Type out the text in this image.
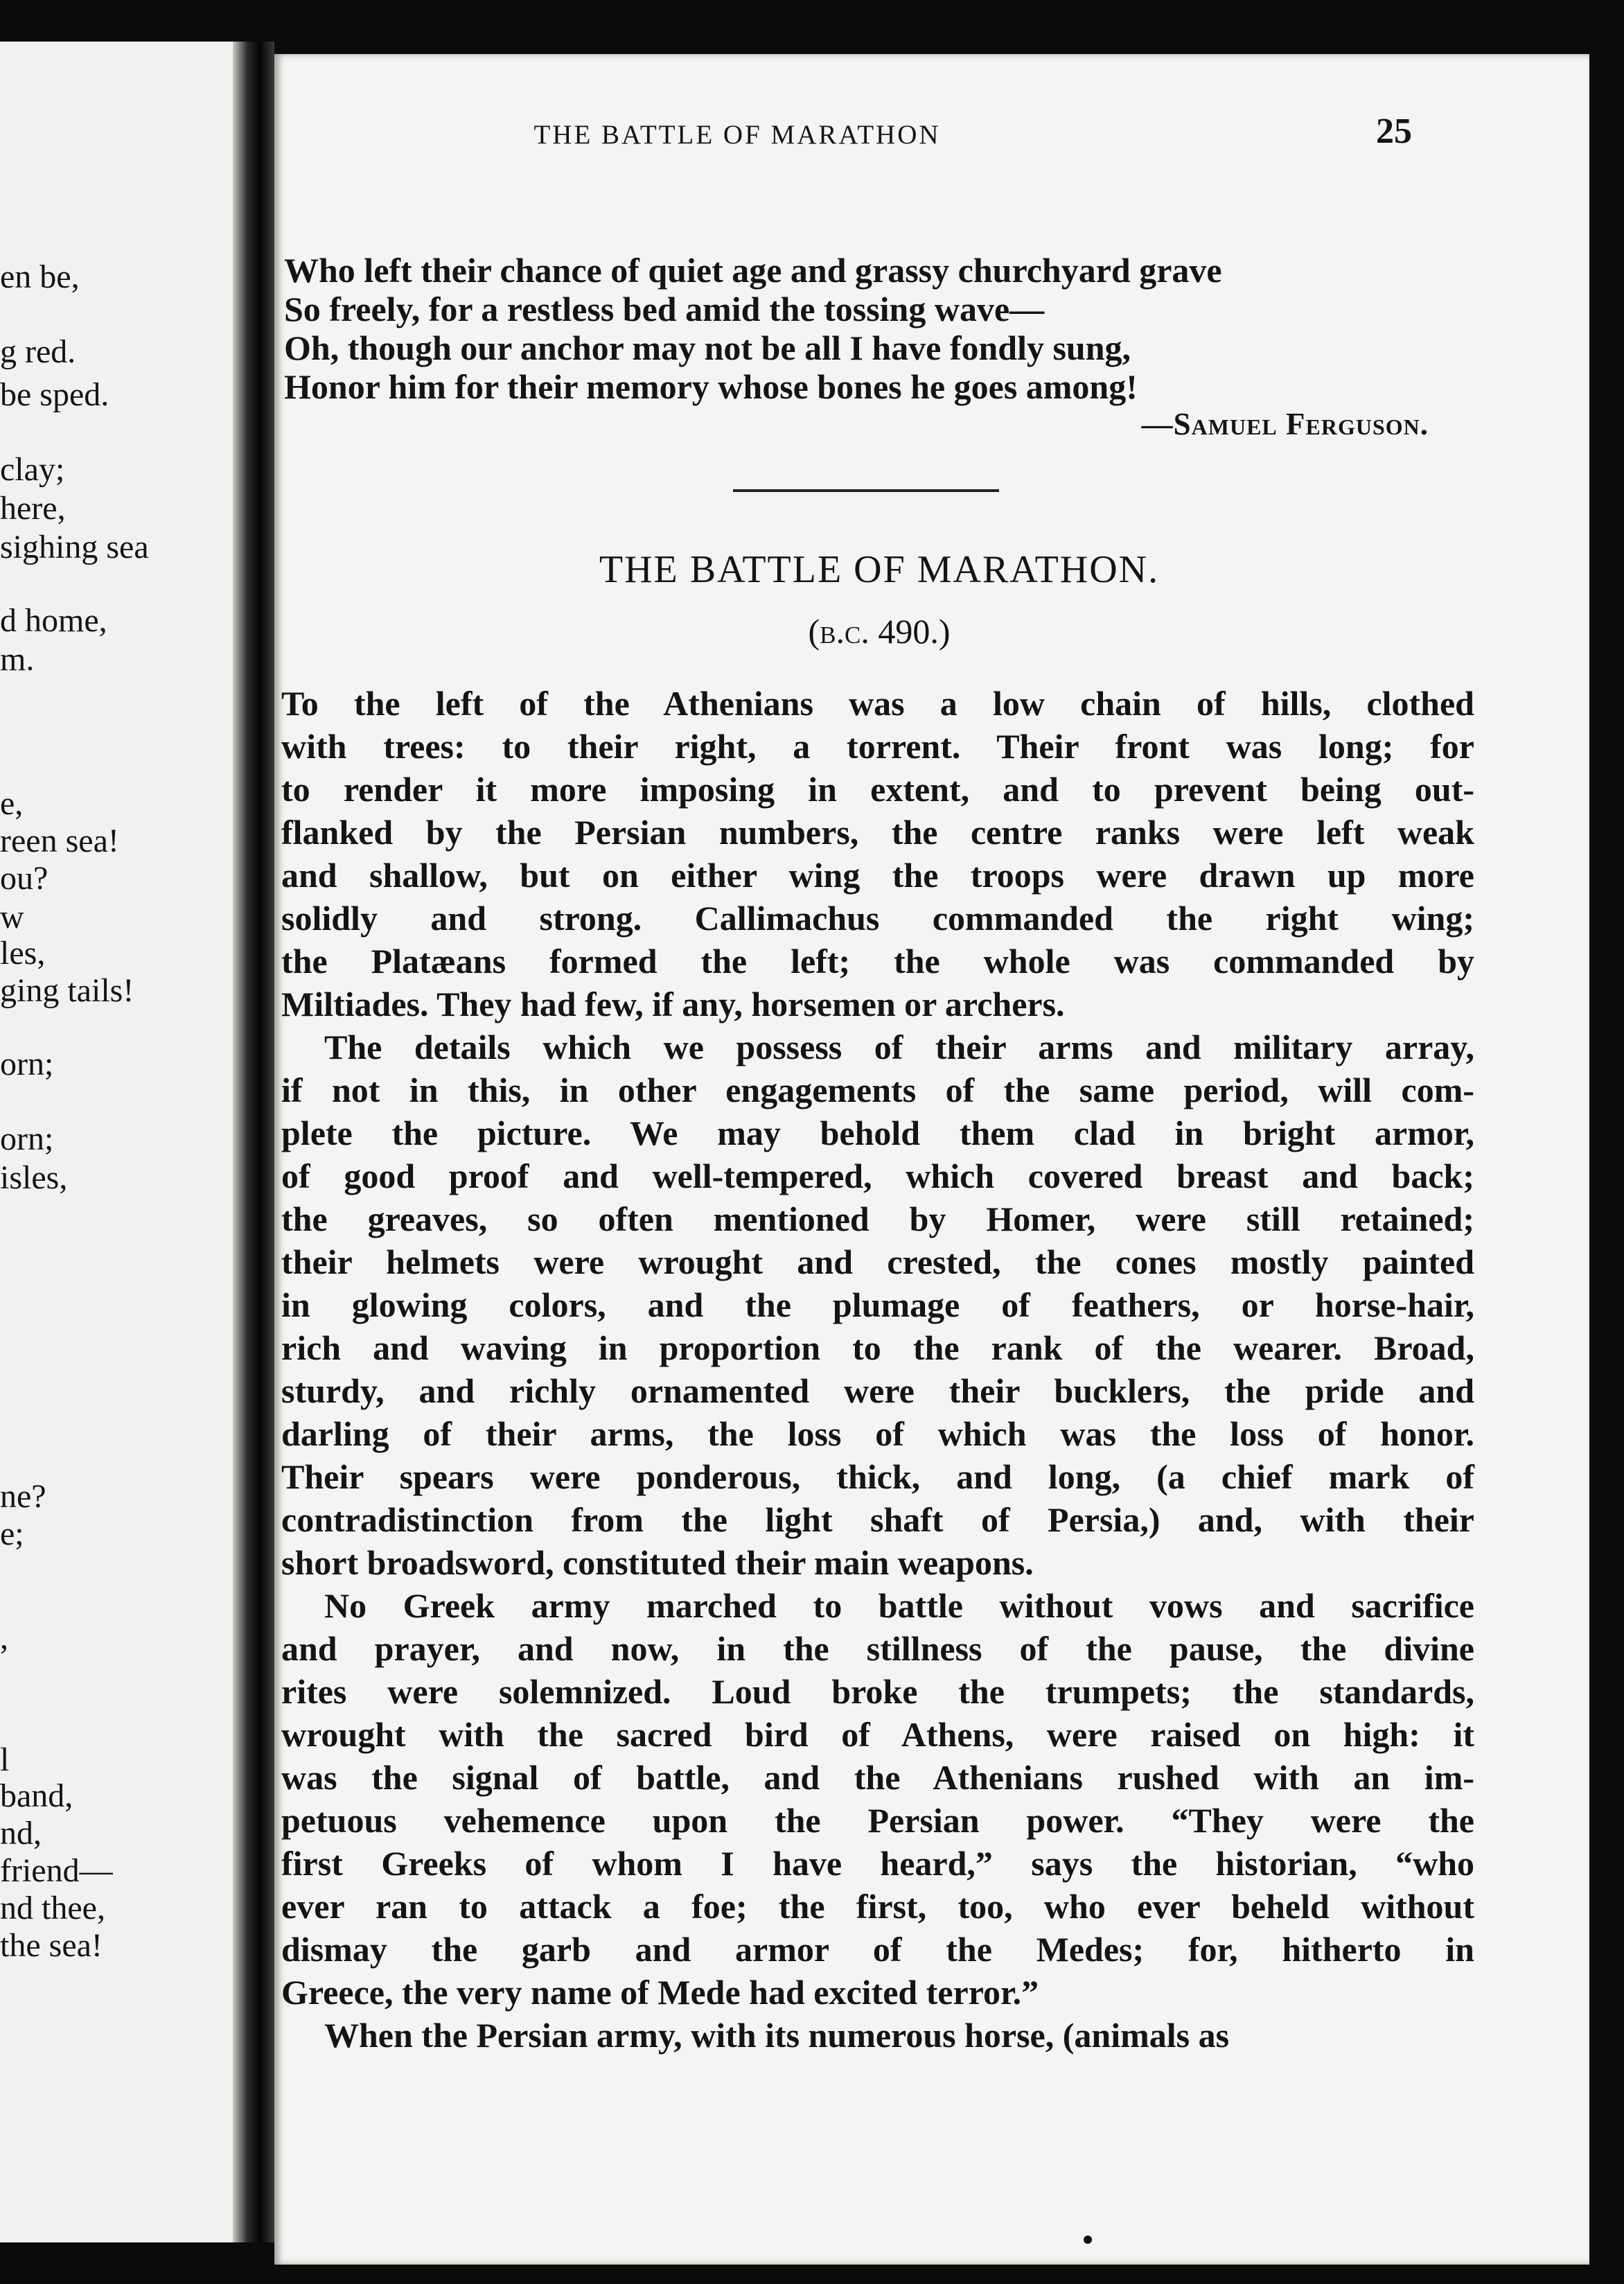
en be,
g red.
be sped.
clay;
here,
sighing sea
d home,
m.
e,
reen sea!
ou?
w
les,
ging tails!
orn;
orn;
isles,
ne?
e;
,
l
band,
nd,
friend—
nd thee,
the sea!
THE BATTLE OF MARATHON	25
Who left their chance of quiet age and grassy churchyard grave
So freely, for a restless bed amid the tossing wave—
Oh, though our anchor may not be all I have fondly sung,
Honor him for their memory whose bones he goes among!
—Samuel Ferguson.
THE BATTLE OF MARATHON.
(b.c. 490.)
To the left of the Athenians was a low chain of hills, clothed
with trees: to their right, a torrent. Their front was long; for
to render it more imposing in extent, and to prevent being out-
flanked by the Persian numbers, the centre ranks were left weak
and shallow, but on either wing the troops were drawn up more
solidly and strong. Callimachus commanded the right wing;
the Platæans formed the left; the whole was commanded by
Miltiades. They had few, if any, horsemen or archers.
The details which we possess of their arms and military array,
if not in this, in other engagements of the same period, will com-
plete the picture. We may behold them clad in bright armor,
of good proof and well-tempered, which covered breast and back;
the greaves, so often mentioned by Homer, were still retained;
their helmets were wrought and crested, the cones mostly painted
in glowing colors, and the plumage of feathers, or horse-hair,
rich and waving in proportion to the rank of the wearer. Broad,
sturdy, and richly ornamented were their bucklers, the pride and
darling of their arms, the loss of which was the loss of honor.
Their spears were ponderous, thick, and long, (a chief mark of
contradistinction from the light shaft of Persia,) and, with their
short broadsword, constituted their main weapons.
No Greek army marched to battle without vows and sacrifice
and prayer, and now, in the stillness of the pause, the divine
rites were solemnized. Loud broke the trumpets; the standards,
wrought with the sacred bird of Athens, were raised on high: it
was the signal of battle, and the Athenians rushed with an im-
petuous vehemence upon the Persian power. “They were the
first Greeks of whom I have heard,” says the historian, “who
ever ran to attack a foe; the first, too, who ever beheld without
dismay the garb and armor of the Medes; for, hitherto in
Greece, the very name of Mede had excited terror.”
When the Persian army, with its numerous horse, (animals as
